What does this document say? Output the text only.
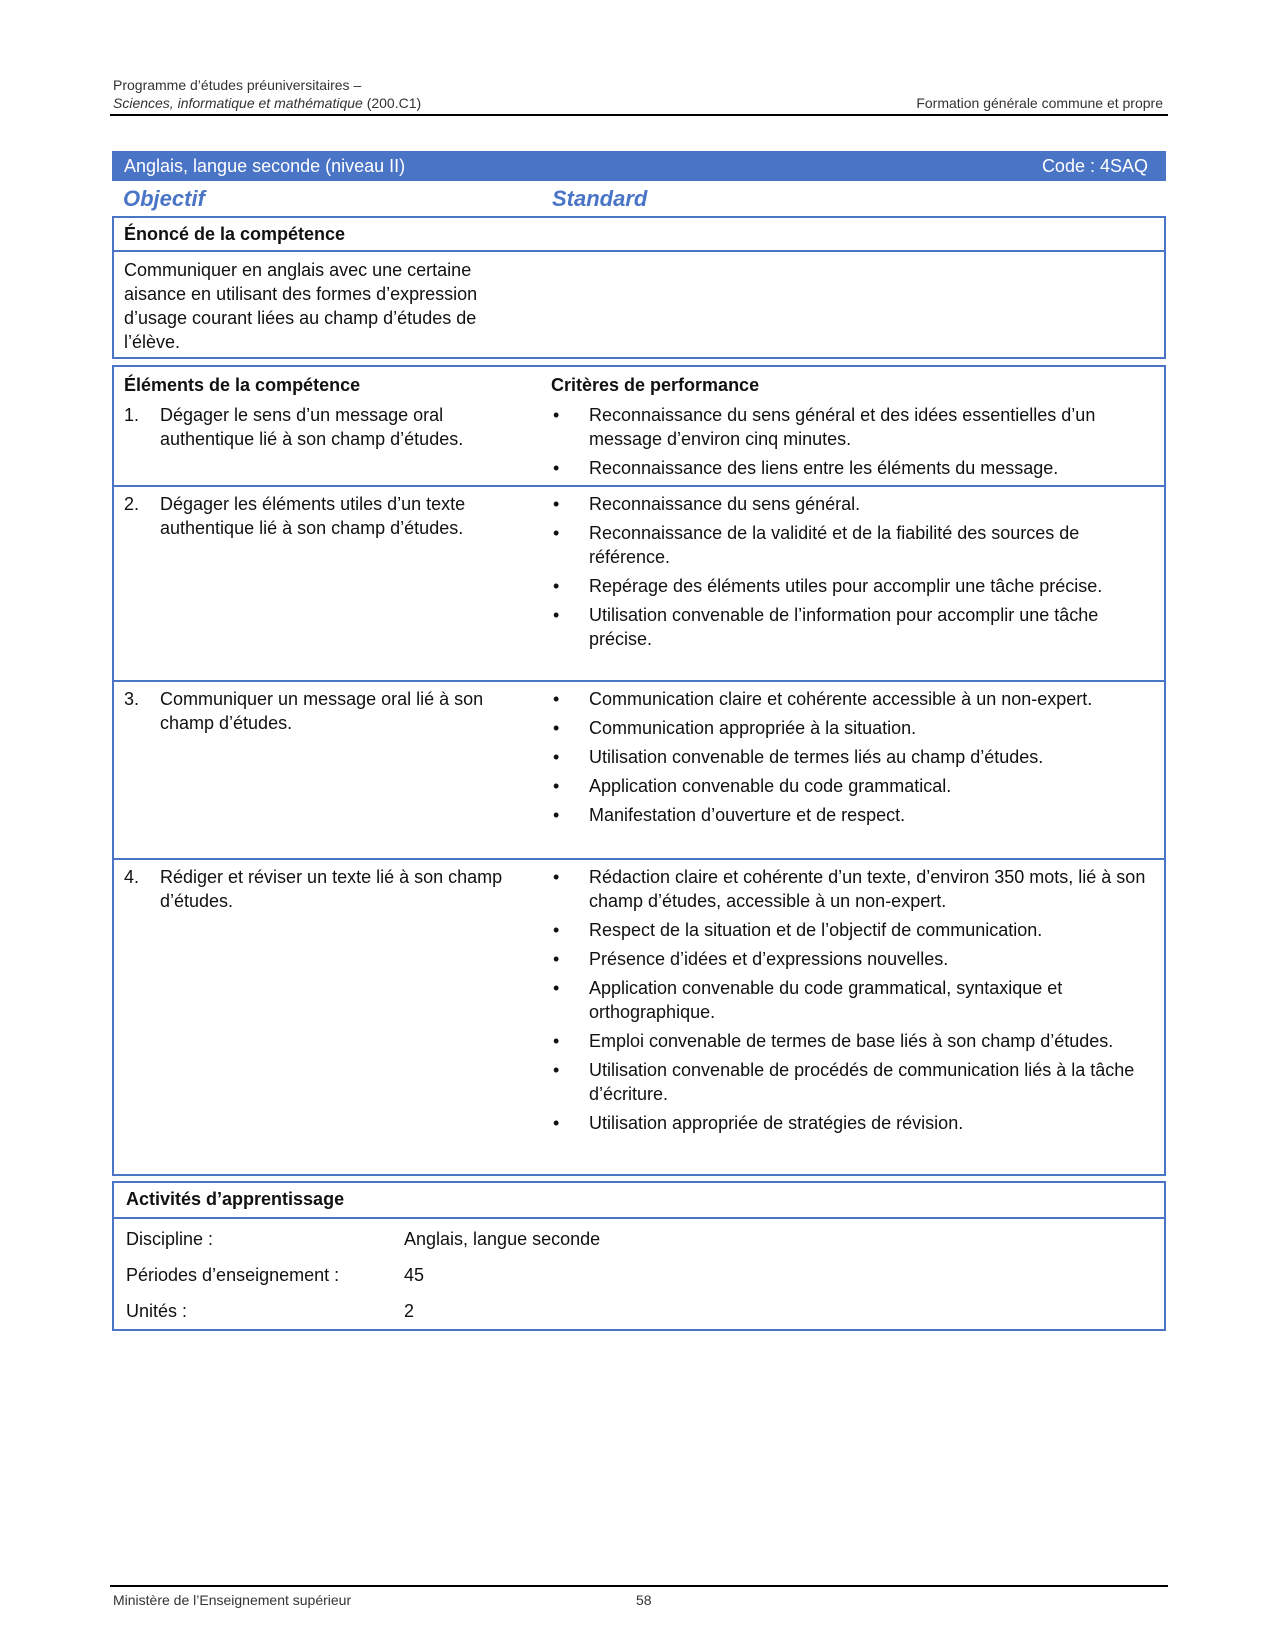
Programme d’études préuniversitaires –
Sciences, informatique et mathématique (200.C1)	Formation générale commune et propre
Anglais, langue seconde (niveau II)	Code : 4SAQ
Objectif	Standard
Énoncé de la compétence
Communiquer en anglais avec une certaine aisance en utilisant des formes d’expression d’usage courant liées au champ d’études de l’élève.
Éléments de la compétence	Critères de performance
1. Dégager le sens d’un message oral authentique lié à son champ d’études.
• Reconnaissance du sens général et des idées essentielles d’un message d’environ cinq minutes.
• Reconnaissance des liens entre les éléments du message.
2. Dégager les éléments utiles d’un texte authentique lié à son champ d’études.
• Reconnaissance du sens général.
• Reconnaissance de la validité et de la fiabilité des sources de référence.
• Repérage des éléments utiles pour accomplir une tâche précise.
• Utilisation convenable de l’information pour accomplir une tâche précise.
3. Communiquer un message oral lié à son champ d’études.
• Communication claire et cohérente accessible à un non-expert.
• Communication appropriée à la situation.
• Utilisation convenable de termes liés au champ d’études.
• Application convenable du code grammatical.
• Manifestation d’ouverture et de respect.
4. Rédiger et réviser un texte lié à son champ d’études.
• Rédaction claire et cohérente d’un texte, d’environ 350 mots, lié à son champ d’études, accessible à un non-expert.
• Respect de la situation et de l’objectif de communication.
• Présence d’idées et d’expressions nouvelles.
• Application convenable du code grammatical, syntaxique et orthographique.
• Emploi convenable de termes de base liés à son champ d’études.
• Utilisation convenable de procédés de communication liés à la tâche d’écriture.
• Utilisation appropriée de stratégies de révision.
Activités d’apprentissage
Discipline :	Anglais, langue seconde
Périodes d’enseignement :	45
Unités :	2
Ministère de l’Enseignement supérieur	58
